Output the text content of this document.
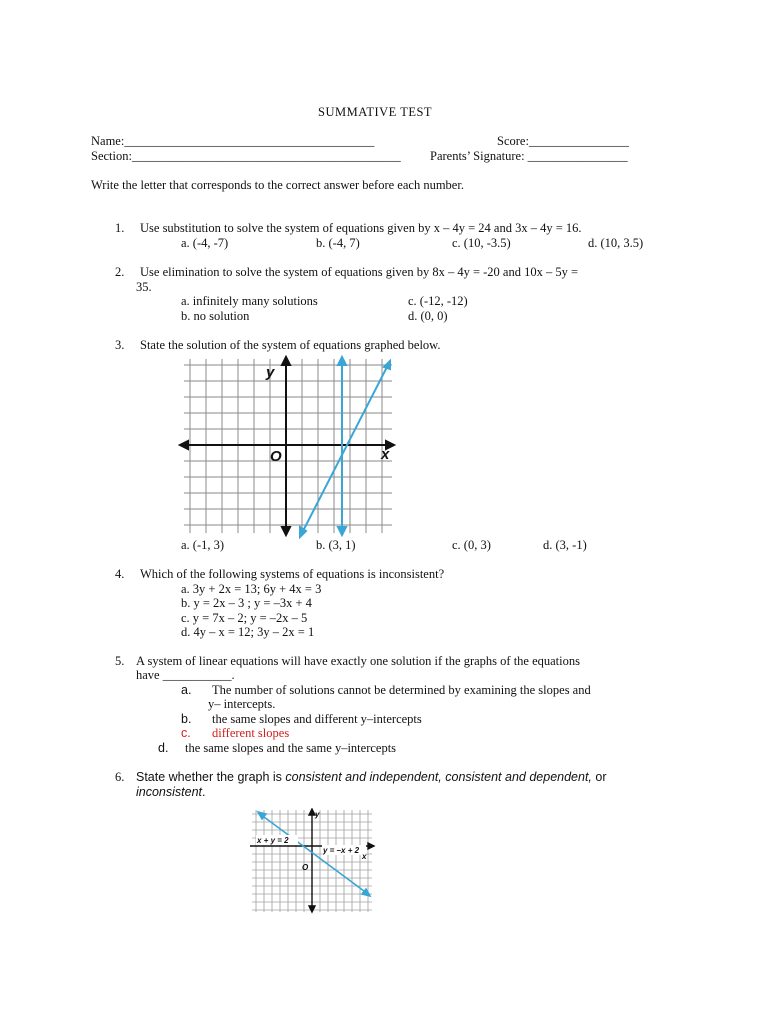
SUMMATIVE TEST
Name:________________________________________	Score:________________
Section:___________________________________________ Parents’ Signature: ________________
Write the letter that corresponds to the correct answer before each number.
1. Use substitution to solve the system of equations given by x – 4y = 24 and 3x – 4y = 16.
a. (-4, -7)	b. (-4, 7)	c. (10, -3.5)	d. (10, 3.5)
2. Use elimination to solve the system of equations given by 8x – 4y = -20 and 10x – 5y =
35.
a. infinitely many solutions
b. no solution
c. (-12, -12)
d. (0, 0)
3. State the solution of the system of equations graphed below.
y
x
O
a. (-1, 3)	b. (3, 1)	c. (0, 3)	d. (3, -1)
4. Which of the following systems of equations is inconsistent?
a. 3y + 2x = 13; 6y + 4x = 3
b. y = 2x – 3 ; y = –3x + 4
c. y = 7x – 2; y = –2x – 5
d. 4y – x = 12; 3y – 2x = 1
5. A system of linear equations will have exactly one solution if the graphs of the equations
have ___________.
a. The number of solutions cannot be determined by examining the slopes and
y– intercepts.
b. the same slopes and different y–intercepts
c. different slopes
d. the same slopes and the same y–intercepts
6. State whether the graph is consistent and independent, consistent and dependent, or
inconsistent.
x + y = 2
y = –x + 2
y
x
O
